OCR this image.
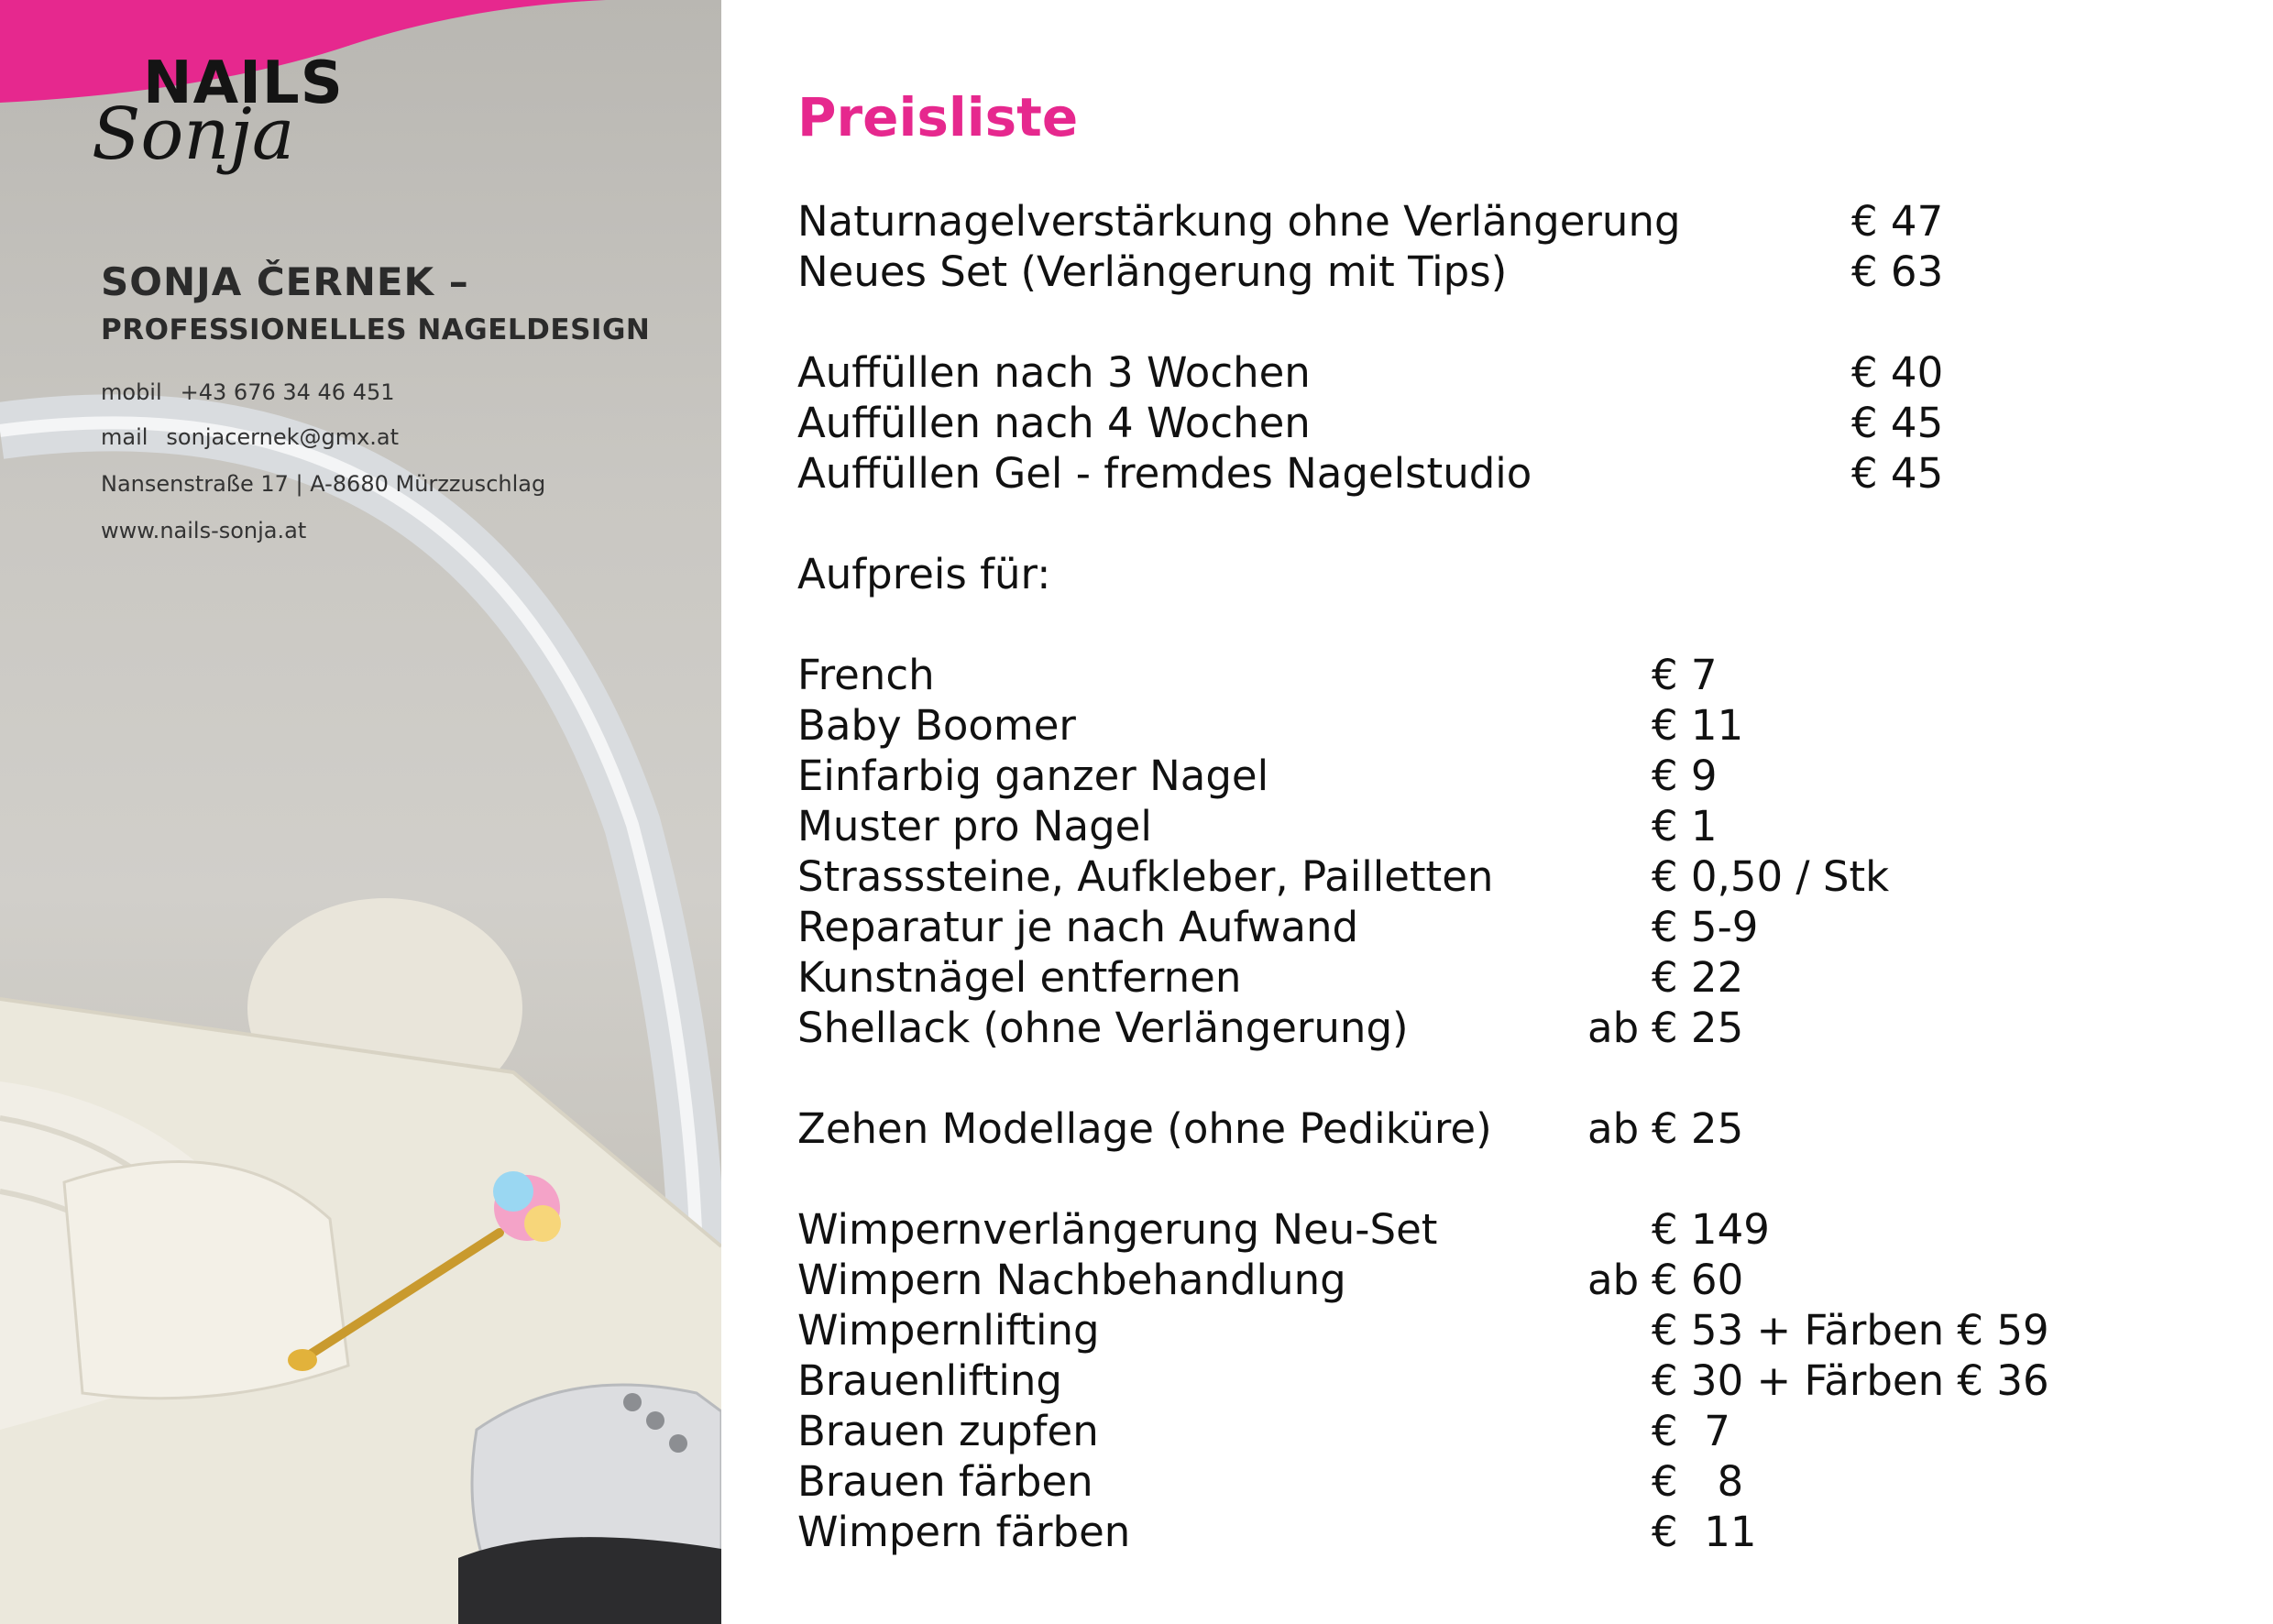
NAILS
Sonja
SONJA ČERNEK –
PROFESSIONELLES NAGELDESIGN
mobil +43 676 34 46 451
mail sonjacernek@gmx.at
Nansenstraße 17 | A-8680 Mürzzuschlag
www.nails-sonja.at
Preisliste
Naturnagelverstärkung ohne Verlängerung	€ 47
Neues Set (Verlängerung mit Tips)	€ 63
Auffüllen nach 3 Wochen	€ 40
Auffüllen nach 4 Wochen	€ 45
Auffüllen Gel - fremdes Nagelstudio	€ 45
Aufpreis für:
French	€ 7
Baby Boomer	€ 11
Einfarbig ganzer Nagel	€ 9
Muster pro Nagel	€ 1
Strasssteine, Aufkleber, Pailletten	€ 0,50 / Stk
Reparatur je nach Aufwand	€ 5-9
Kunstnägel entfernen	€ 22
Shellack (ohne Verlängerung)	ab € 25
Zehen Modellage (ohne Pediküre) ab € 25
Wimpernverlängerung Neu-Set	€ 149
Wimpern Nachbehandlung	ab € 60
Wimpernlifting	€ 53 + Färben € 59
Brauenlifting	€ 30 + Färben € 36
Brauen zupfen	€  7
Brauen färben	€   8
Wimpern färben	€  11
